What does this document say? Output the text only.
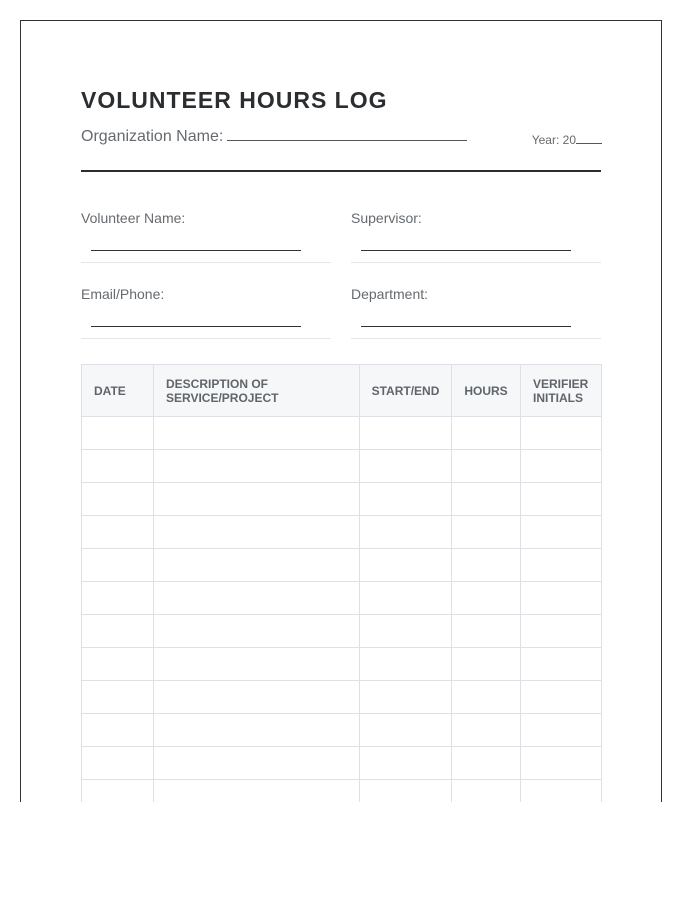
VOLUNTEER HOURS LOG
Organization Name:	Year: 20
Volunteer Name:	Supervisor:
Email/Phone:	Department:
DATE	DESCRIPTION OF SERVICE/PROJECT	START/END	HOURS	VERIFIER INITIALS
